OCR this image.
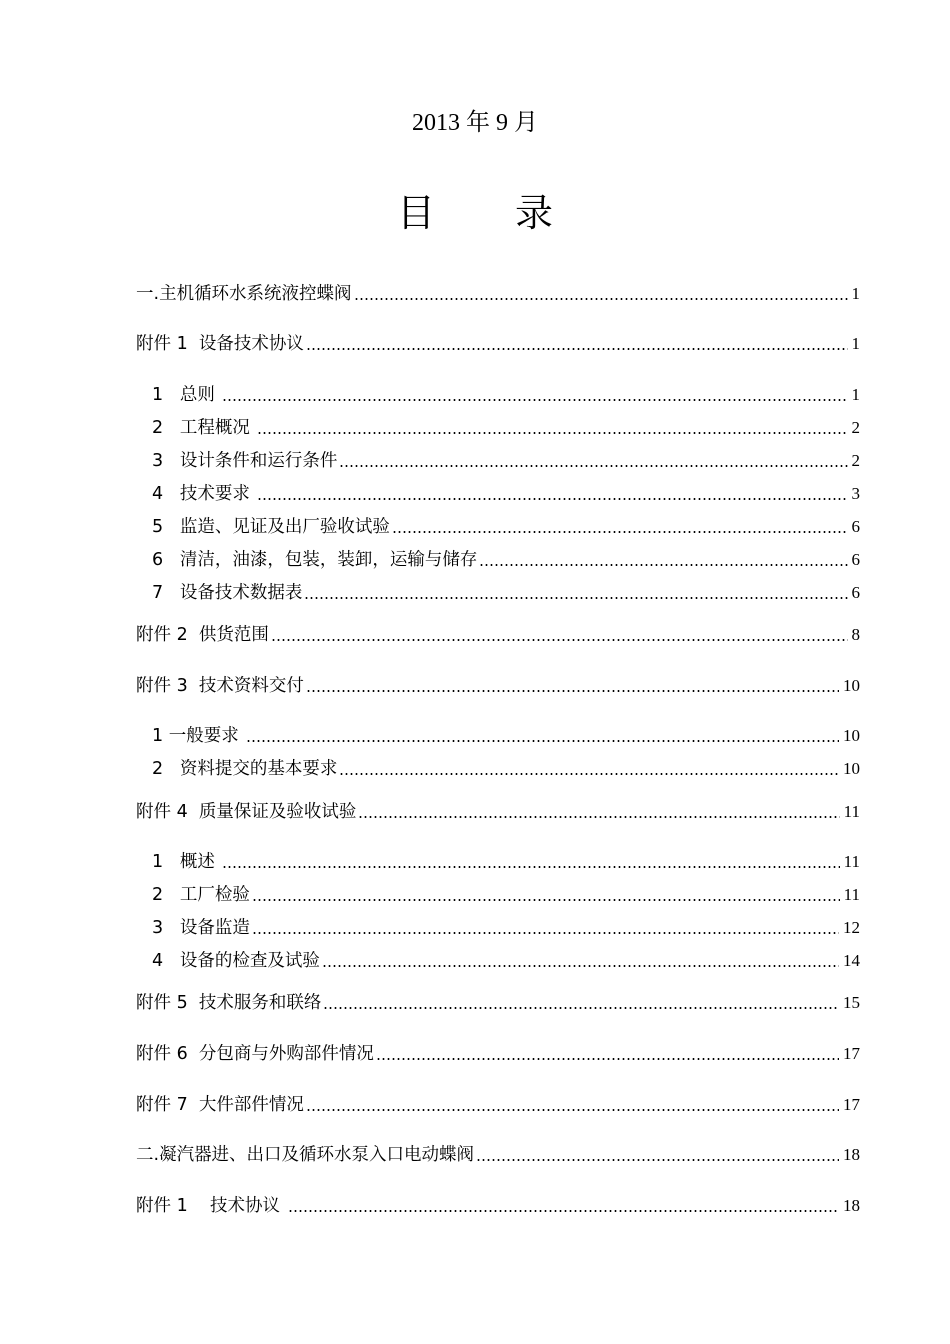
2013 年 9 月
目 录
一.主机循环水系统液控蝶阀	1
附件 1  设备技术协议	1
1   总则	1
2   工程概况	2
3   设计条件和运行条件	2
4   技术要求	3
5   监造、见证及出厂验收试验	6
6   清洁，油漆，包装，装卸，运输与储存	6
7   设备技术数据表	6
附件 2  供货范围	8
附件 3  技术资料交付	10
1 一般要求	10
2   资料提交的基本要求	10
附件 4  质量保证及验收试验	11
1   概述	11
2   工厂检验	11
3   设备监造	12
4   设备的检查及试验	14
附件 5  技术服务和联络	15
附件 6  分包商与外购部件情况	17
附件 7  大件部件情况	17
二.凝汽器进、出口及循环水泵入口电动蝶阀	18
附件 1    技术协议	18
